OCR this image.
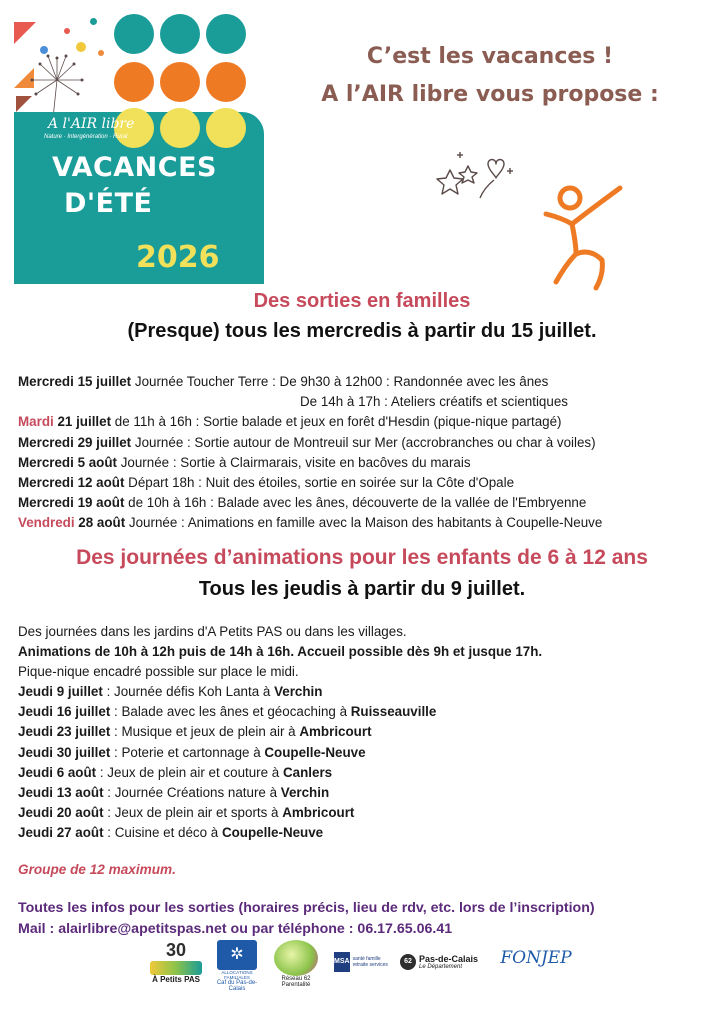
A l'AIR libre
Nature · Intergénération · Rural
VACANCES
D'ÉTÉ
2026
C’est les vacances !
A l’AIR libre vous propose :
Des sorties en familles
(Presque) tous les mercredis à partir du 15 juillet.
Mercredi 15 juillet Journée Toucher Terre : De 9h30 à 12h00 : Randonnée avec les ânes
De 14h à 17h : Ateliers créatifs et scientiques
Mardi 21 juillet de 11h à 16h : Sortie balade et jeux en forêt d'Hesdin (pique-nique partagé)
Mercredi 29 juillet Journée : Sortie autour de Montreuil sur Mer (accrobranches ou char à voiles)
Mercredi 5 août Journée : Sortie à Clairmarais, visite en bacôves du marais
Mercredi 12 août Départ 18h : Nuit des étoiles, sortie en soirée sur la Côte d'Opale
Mercredi 19 août de 10h à 16h : Balade avec les ânes, découverte de la vallée de l'Embryenne
Vendredi 28 août Journée : Animations en famille avec la Maison des habitants à Coupelle-Neuve
Des journées d’animations pour les enfants de 6 à 12 ans
Tous les jeudis à partir du 9 juillet.
Des journées dans les jardins d'A Petits PAS ou dans les villages.
Animations de 10h à 12h puis de 14h à 16h. Accueil possible dès 9h et jusque 17h.
Pique-nique encadré possible sur place le midi.
Jeudi 9 juillet : Journée défis Koh Lanta à Verchin
Jeudi 16 juillet : Balade avec les ânes et géocaching à Ruisseauville
Jeudi 23 juillet : Musique et jeux de plein air à Ambricourt
Jeudi 30 juillet : Poterie et cartonnage à Coupelle-Neuve
Jeudi 6 août : Jeux de plein air et couture à Canlers
Jeudi 13 août : Journée Créations nature à Verchin
Jeudi 20 août : Jeux de plein air et sports à Ambricourt
Jeudi 27 août : Cuisine et déco à Coupelle-Neuve
Groupe de 12 maximum.
Toutes les infos pour les sorties (horaires précis, lieu de rdv, etc. lors de l’inscription)
Mail : alairlibre@apetitspas.net ou par téléphone : 06.17.65.06.41
30
À Petits PAS
✲
ALLOCATIONS FAMILIALES
Caf du Pas-de-Calais
Réseau 62 Parentalité
MSA santé famille retraite services	62 Pas-de-Calais
Le Département	FONJEP
